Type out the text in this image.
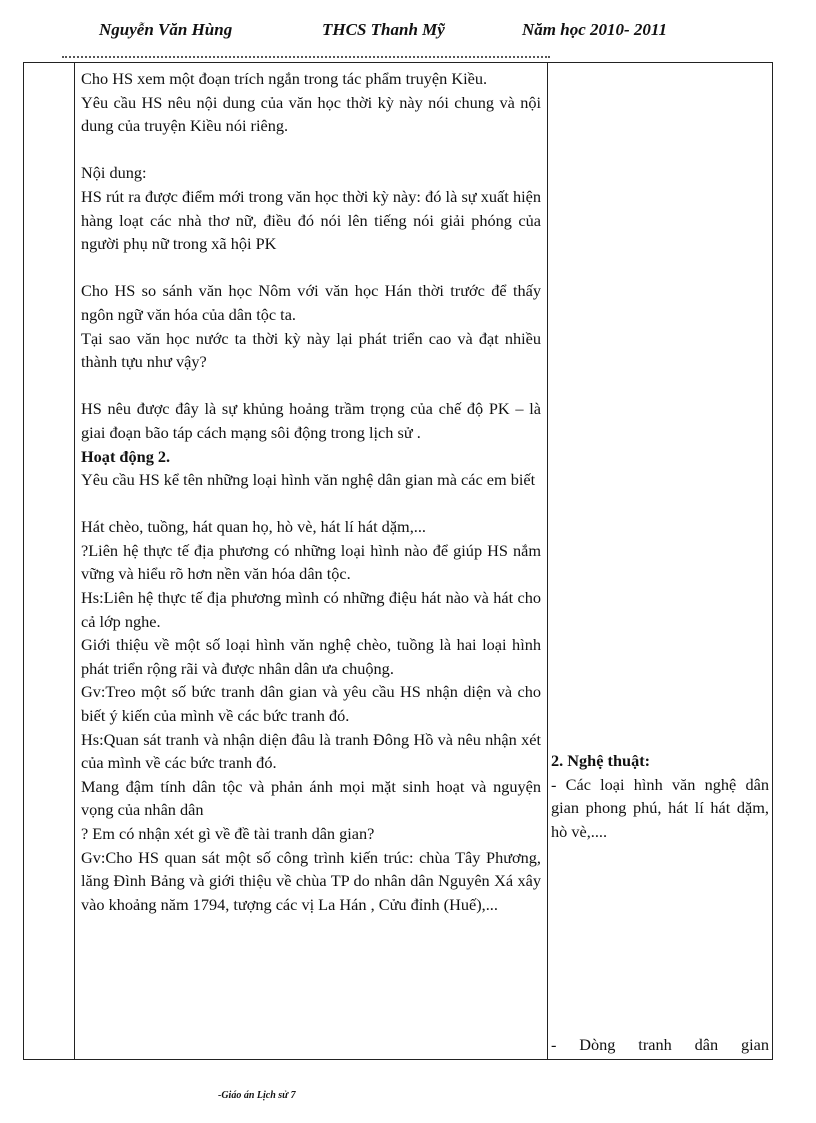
Nguyễn Văn Hùng	THCS Thanh Mỹ	Năm học 2010- 2011

Cho HS xem một đoạn trích ngắn trong tác phẩm truyện Kiều.

Yêu cầu HS nêu nội dung của văn học thời kỳ này nói chung và nội dung của truyện Kiều nói riêng.

Nội dung:

HS rút ra được điểm mới trong văn học thời kỳ này: đó là sự xuất hiện hàng loạt các nhà thơ nữ, điều đó nói lên tiếng nói giải phóng của người phụ nữ trong xã hội PK

Cho HS so sánh văn học Nôm với văn học Hán thời trước để thấy ngôn ngữ văn hóa của dân tộc ta.

Tại sao văn học nước ta thời kỳ này lại phát triển cao và đạt nhiều thành tựu như vậy?

HS nêu được đây là sự khủng hoảng trầm trọng của chế độ PK – là giai đoạn bão táp cách mạng sôi động trong lịch sử .

Hoạt động 2.

Yêu cầu HS kể tên những loại hình văn nghệ dân gian mà các em biết

Hát chèo, tuồng, hát quan họ, hò vè, hát lí hát dặm,...

?Liên hệ thực tế địa phương có những loại hình nào để giúp HS nắm vững và hiểu rõ hơn nền văn hóa dân tộc.

Hs:Liên hệ thực tế địa phương mình có những điệu hát nào và hát cho cả lớp nghe.

Giới thiệu về một số loại hình văn nghệ chèo, tuồng là hai loại hình phát triển rộng rãi và được nhân dân ưa chuộng.

Gv:Treo một số bức tranh dân gian và yêu cầu HS nhận diện và cho biết ý kiến của mình về các bức tranh đó.

Hs:Quan sát tranh và nhận diện đâu là tranh Đông Hồ và nêu nhận xét của mình về các bức tranh đó.

Mang đậm tính dân tộc và phản ánh mọi mặt sinh hoạt và nguyện vọng của nhân dân

? Em có nhận xét gì về đề tài tranh dân gian?

Gv:Cho HS quan sát một số công trình kiến trúc: chùa Tây Phương, lăng Đình Bảng và giới thiệu về chùa TP do nhân dân Nguyên Xá xây vào khoảng năm 1794, tượng các vị La Hán , Cửu đỉnh (Huế),...

2. Nghệ thuật:

- Các loại hình văn nghệ dân gian phong phú, hát lí hát dặm, hò vè,....

- Dòng tranh dân gian

-Giáo án Lịch sử 7
